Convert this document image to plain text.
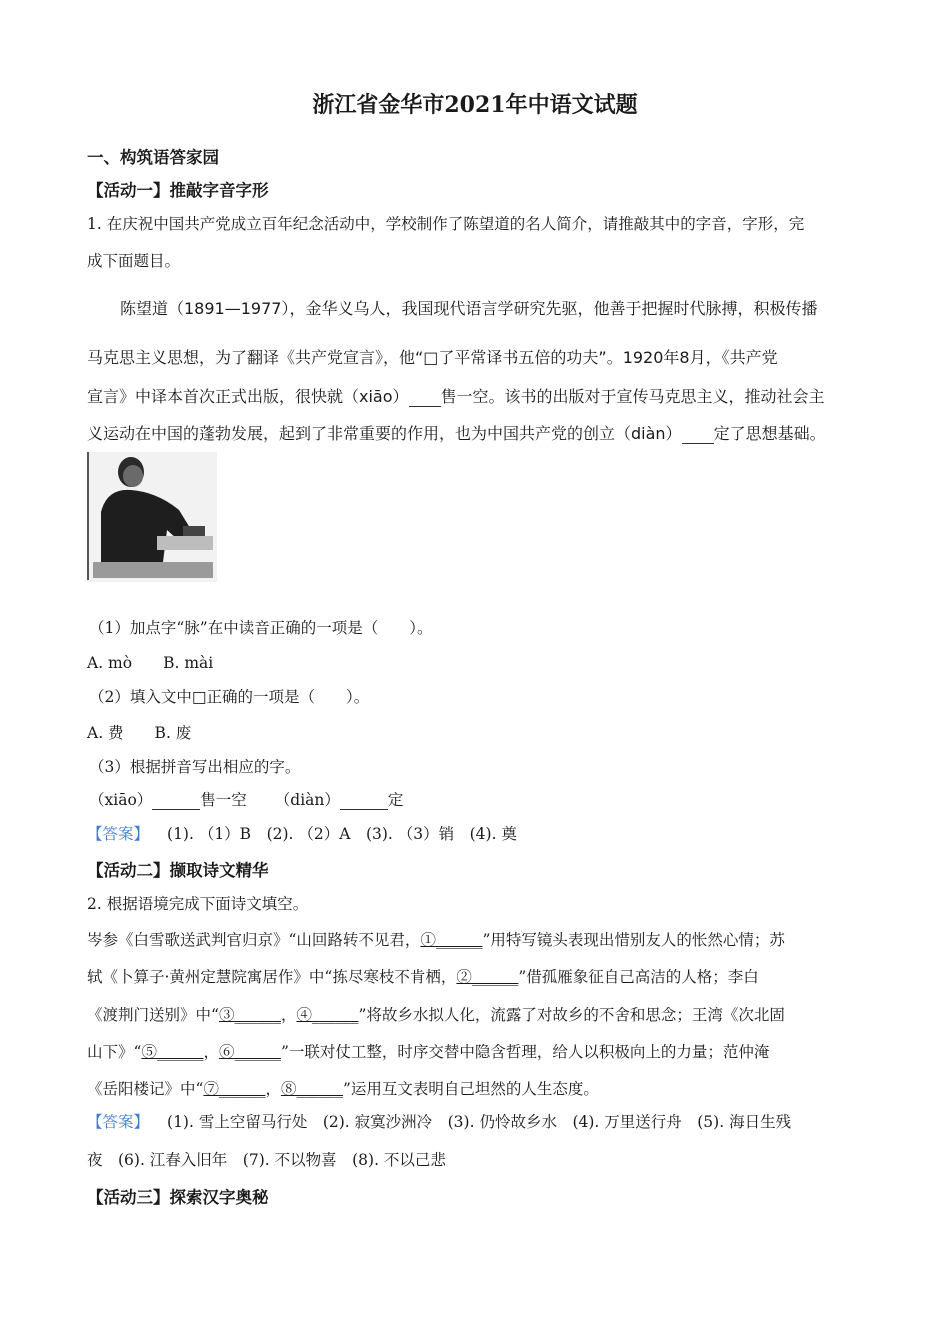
浙江省金华市2021年中语文试题
一、构筑语答家园
【活动一】推敲字音字形
1. 在庆祝中国共产党成立百年纪念活动中，学校制作了陈望道的名人简介，请推敲其中的字音，字形，完
成下面题目。
陈望道（1891—1977），金华义乌人，我国现代语言学研究先驱，他善于把握时代脉搏，积极传播
马克思主义思想，为了翻译《共产党宣言》，他“□了平常译书五倍的功夫”。1920年8月，《共产党
宣言》中译本首次正式出版，很快就（xiāo） 售一空。该书的出版对于宣传马克思主义，推动社会主
义运动在中国的蓬勃发展，起到了非常重要的作用，也为中国共产党的创立（diàn） 定了思想基础。
（1）加点字“脉”在中读音正确的一项是（　　）。
A. mò　　B. mài
（2）填入文中□正确的一项是（　　）。
A. 费　　B. 废
（3）根据拼音写出相应的字。
（xiāo）	售一空 （diàn）	定
【答案】 (1). （1）B　(2). （2）A　(3). （3）销　(4). 奠
【活动二】撷取诗文精华
2. 根据语境完成下面诗文填空。
岑参《白雪歌送武判官归京》“山回路转不见君，①______”用特写镜头表现出惜别友人的怅然心情；苏
轼《卜算子·黄州定慧院寓居作》中“拣尽寒枝不肯栖，②______”借孤雁象征自己高洁的人格；李白
《渡荆门送别》中“③______，④______”将故乡水拟人化，流露了对故乡的不舍和思念；王湾《次北固
山下》“⑤______，⑥______”一联对仗工整，时序交替中隐含哲理，给人以积极向上的力量；范仲淹
《岳阳楼记》中“⑦______，⑧______”运用互文表明自己坦然的人生态度。
【答案】 (1). 雪上空留马行处　(2). 寂寞沙洲冷　(3). 仍怜故乡水　(4). 万里送行舟　(5). 海日生残
夜　(6). 江春入旧年　(7). 不以物喜　(8). 不以己悲
【活动三】探索汉字奥秘
